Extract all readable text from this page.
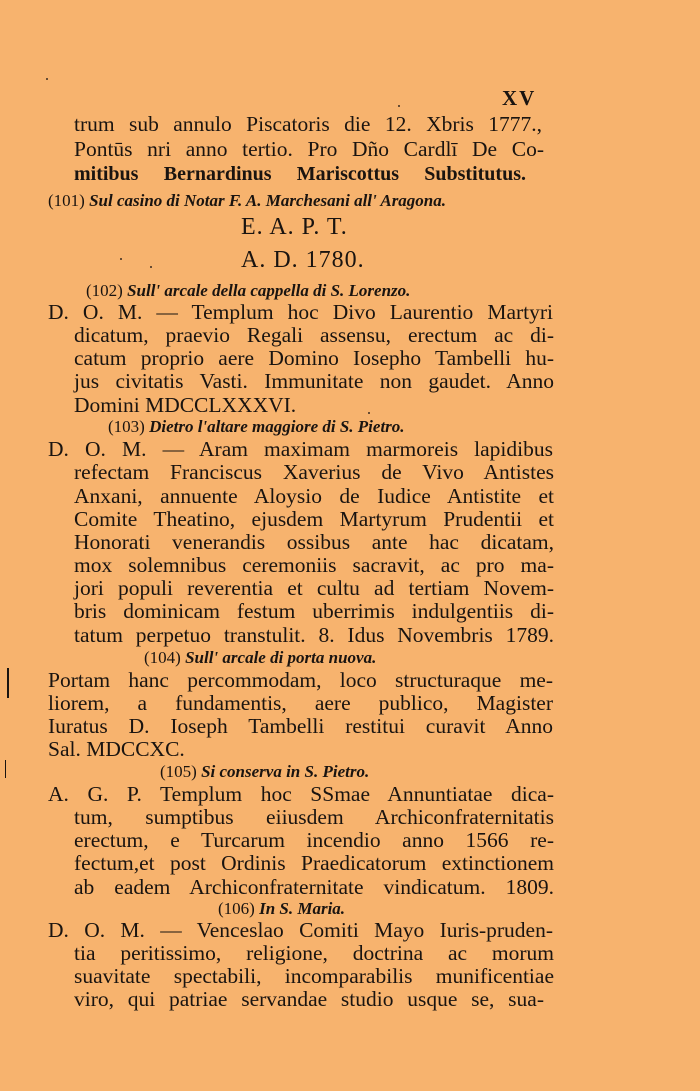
XV
trum sub annulo Piscatoris die 12. Xbris 1777.,
Pontūs nri anno tertio. Pro Dño Cardlī De Co-
mitibus Bernardinus Mariscottus Substitutus.
(101) Sul casino di Notar F. A. Marchesani all' Aragona.
E. A. P. T.
A. D. 1780.
(102) Sull' arcale della cappella di S. Lorenzo.
D. O. M. — Templum hoc Divo Laurentio Martyri
dicatum, praevio Regali assensu, erectum ac di-
catum proprio aere Domino Iosepho Tambelli hu-
jus civitatis Vasti. Immunitate non gaudet. Anno
Domini MDCCLXXXVI.
(103) Dietro l'altare maggiore di S. Pietro.
D. O. M. — Aram maximam marmoreis lapidibus
refectam Franciscus Xaverius de Vivo Antistes
Anxani, annuente Aloysio de Iudice Antistite et
Comite Theatino, ejusdem Martyrum Prudentii et
Honorati venerandis ossibus ante hac dicatam,
mox solemnibus ceremoniis sacravit, ac pro ma-
jori populi reverentia et cultu ad tertiam Novem-
bris dominicam festum uberrimis indulgentiis di-
tatum perpetuo transtulit. 8. Idus Novembris 1789.
(104) Sull' arcale di porta nuova.
Portam hanc percommodam, loco structuraque me-
liorem, a fundamentis, aere publico, Magister
Iuratus D. Ioseph Tambelli restitui curavit Anno
Sal. MDCCXC.
(105) Si conserva in S. Pietro.
A. G. P. Templum hoc SSmae Annuntiatae dica-
tum, sumptibus eiiusdem Archiconfraternitatis
erectum, e Turcarum incendio anno 1566 re-
fectum,et post Ordinis Praedicatorum extinctionem
ab eadem Archiconfraternitate vindicatum. 1809.
(106) In S. Maria.
D. O. M. — Venceslao Comiti Mayo Iuris-pruden-
tia peritissimo, religione, doctrina ac morum
suavitate spectabili, incomparabilis munificentiae
viro, qui patriae servandae studio usque se, sua-
